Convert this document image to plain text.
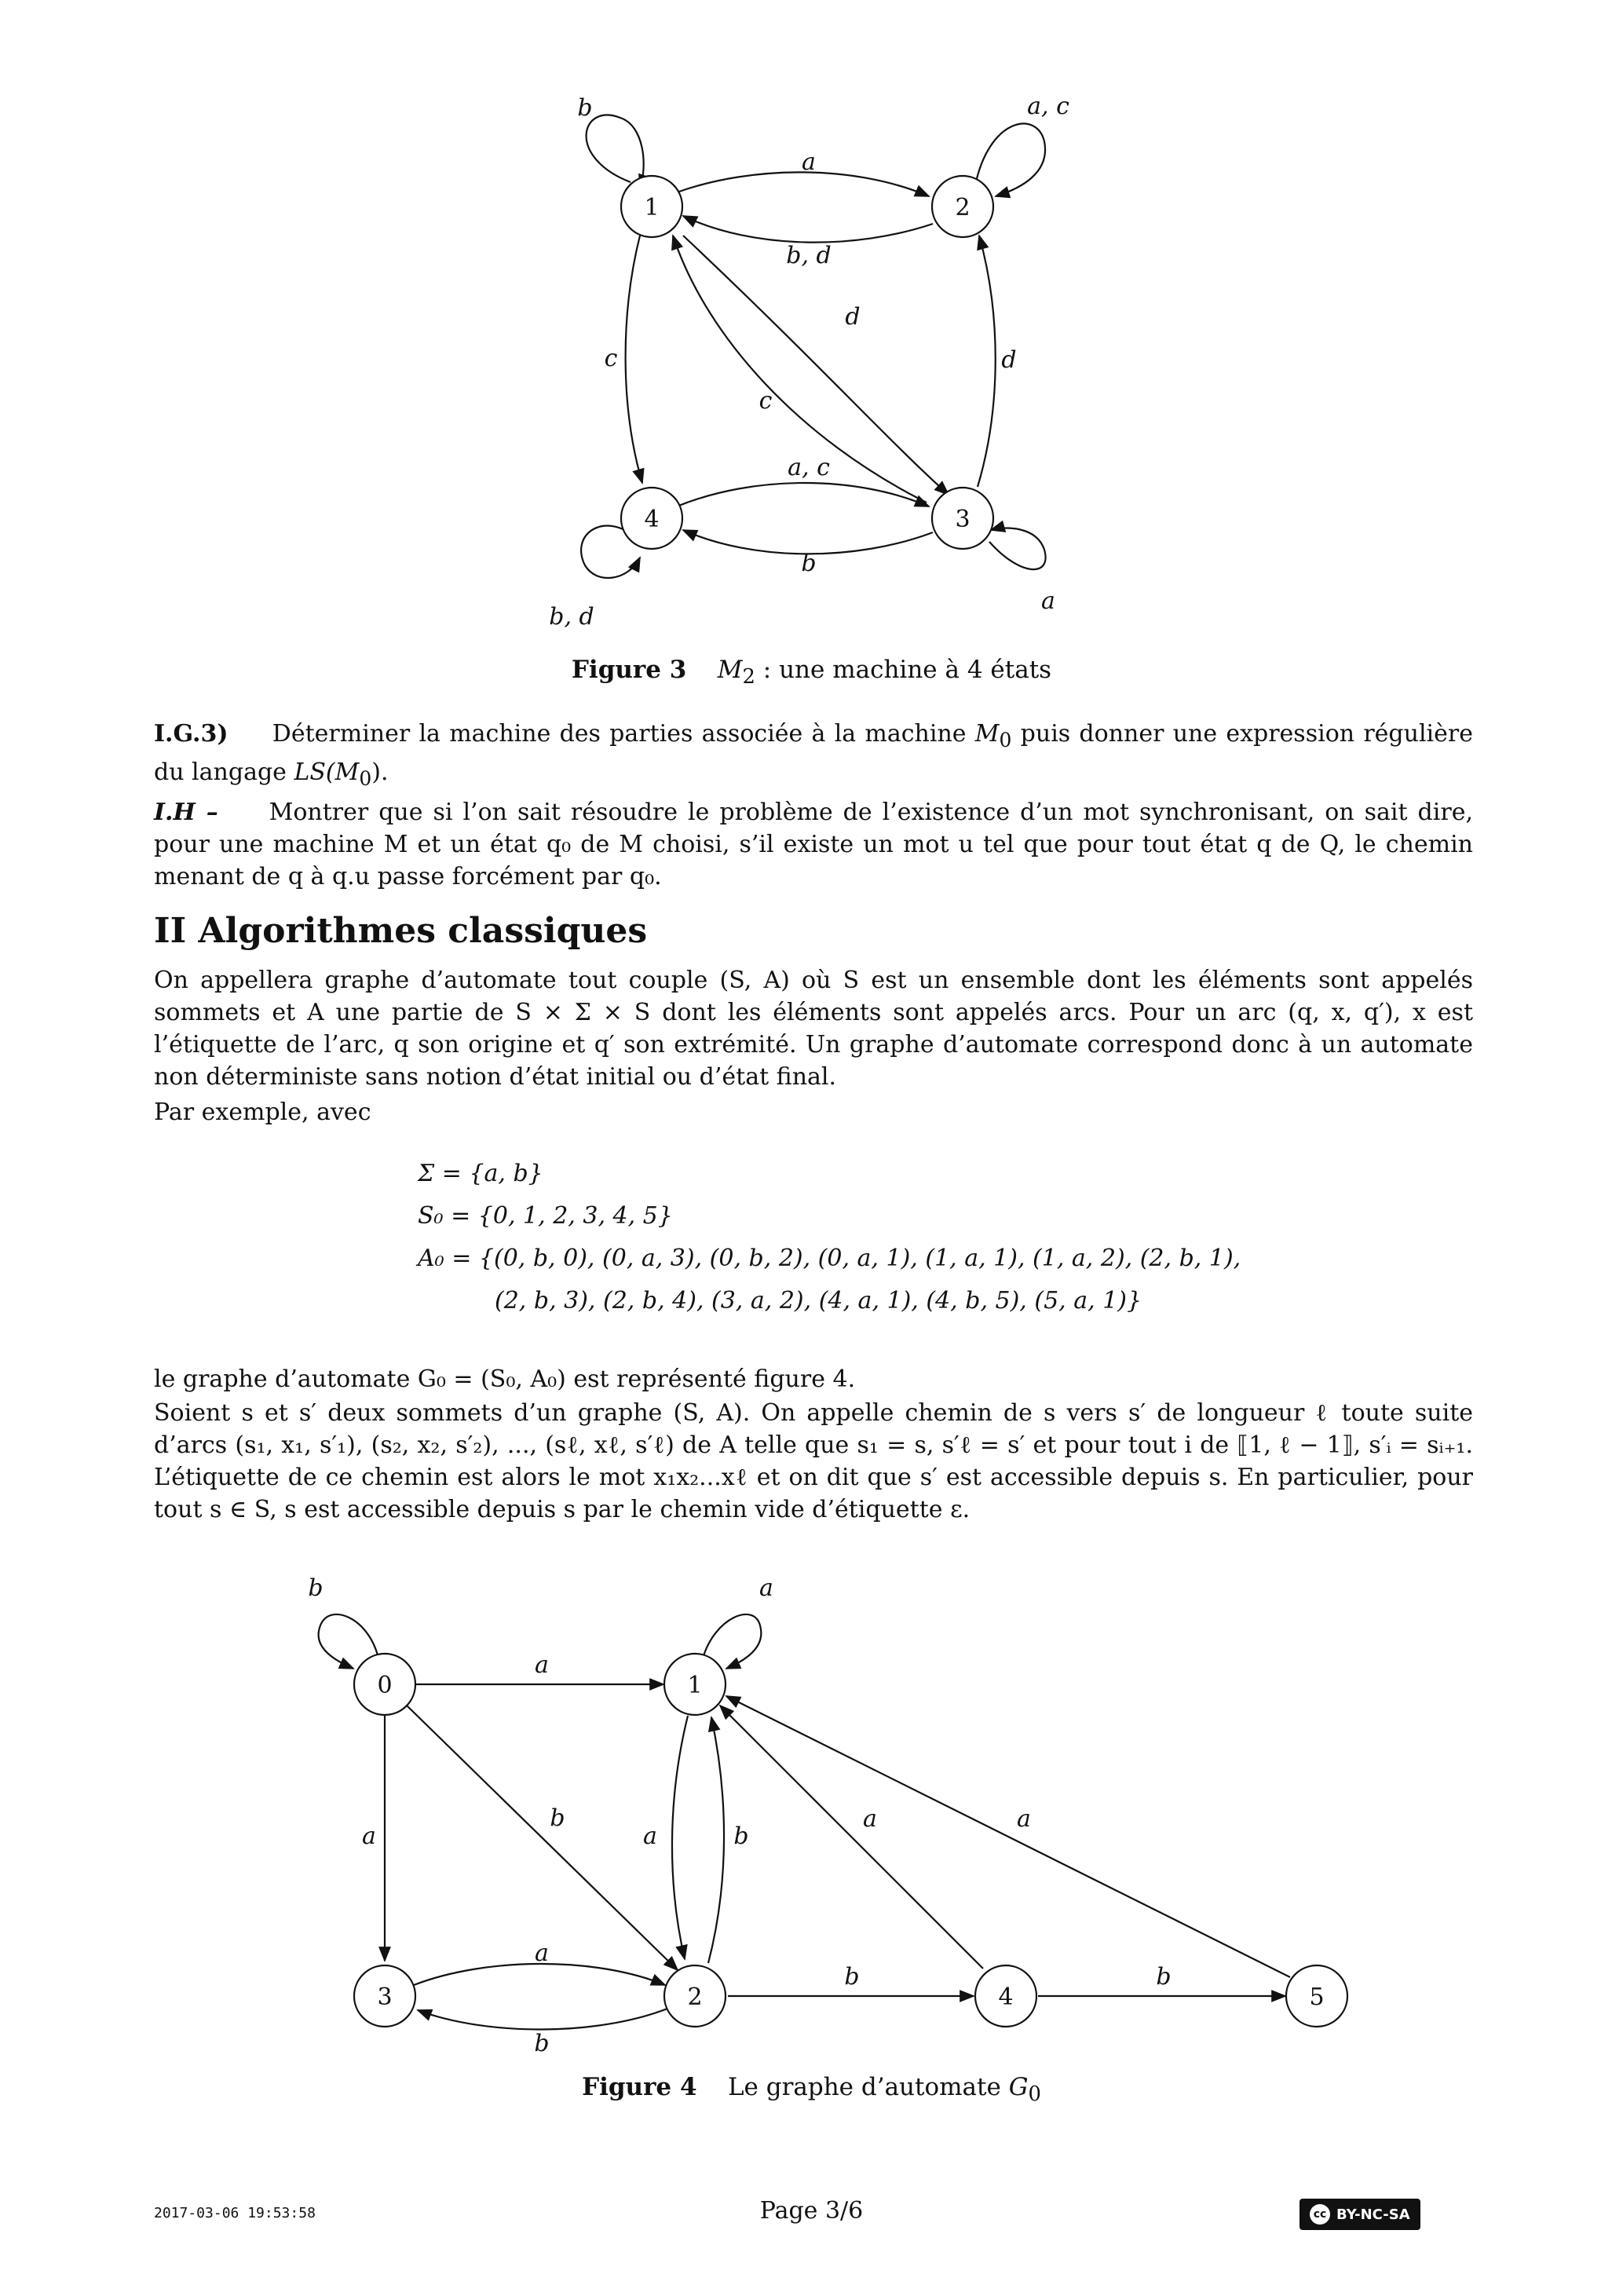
1	2
3
4
b	a, c
a
b, d
a
b, d
d
c
c	d
a, c
b
Figure 3 $M_2$ : une machine à 4 états

I.G.3) Déterminer la machine des parties associée à la machine $M_0$ puis donner une expression régulière du langage $LS(M_0)$.

I.H – Montrer que si l’on sait résoudre le problème de l’existence d’un mot synchronisant, on sait dire, pour une machine M et un état q₀ de M choisi, s’il existe un mot u tel que pour tout état q de Q, le chemin menant de q à q.u passe forcément par q₀.

II Algorithmes classiques

On appellera graphe d’automate tout couple (S, A) où S est un ensemble dont les éléments sont appelés sommets et A une partie de S × Σ × S dont les éléments sont appelés arcs. Pour un arc (q, x, q′), x est l’étiquette de l’arc, q son origine et q′ son extrémité. Un graphe d’automate correspond donc à un automate non déterministe sans notion d’état initial ou d’état final.

Par exemple, avec

Σ = {a, b}
S₀ = {0, 1, 2, 3, 4, 5}
A₀ = {(0, b, 0), (0, a, 3), (0, b, 2), (0, a, 1), (1, a, 1), (1, a, 2), (2, b, 1),
(2, b, 3), (2, b, 4), (3, a, 2), (4, a, 1), (4, b, 5), (5, a, 1)}

le graphe d’automate G₀ = (S₀, A₀) est représenté figure 4.

Soient s et s′ deux sommets d’un graphe (S, A). On appelle chemin de s vers s′ de longueur ℓ toute suite d’arcs (s₁, x₁, s′₁), (s₂, x₂, s′₂), ..., (sℓ, xℓ, s′ℓ) de A telle que s₁ = s, s′ℓ = s′ et pour tout i de ⟦1, ℓ − 1⟧, s′ᵢ = sᵢ₊₁. L’étiquette de ce chemin est alors le mot x₁x₂...xℓ et on dit que s′ est accessible depuis s. En particulier, pour tout s ∈ S, s est accessible depuis s par le chemin vide d’étiquette ε.

0	1
2
3	4	5
b	a
a
a
b
a	b
a	a
a
b
b	b
Figure 4 Le graphe d’automate $G_0$
2017-03-06 19:53:58	Page 3/6	cc BY-NC-SA
